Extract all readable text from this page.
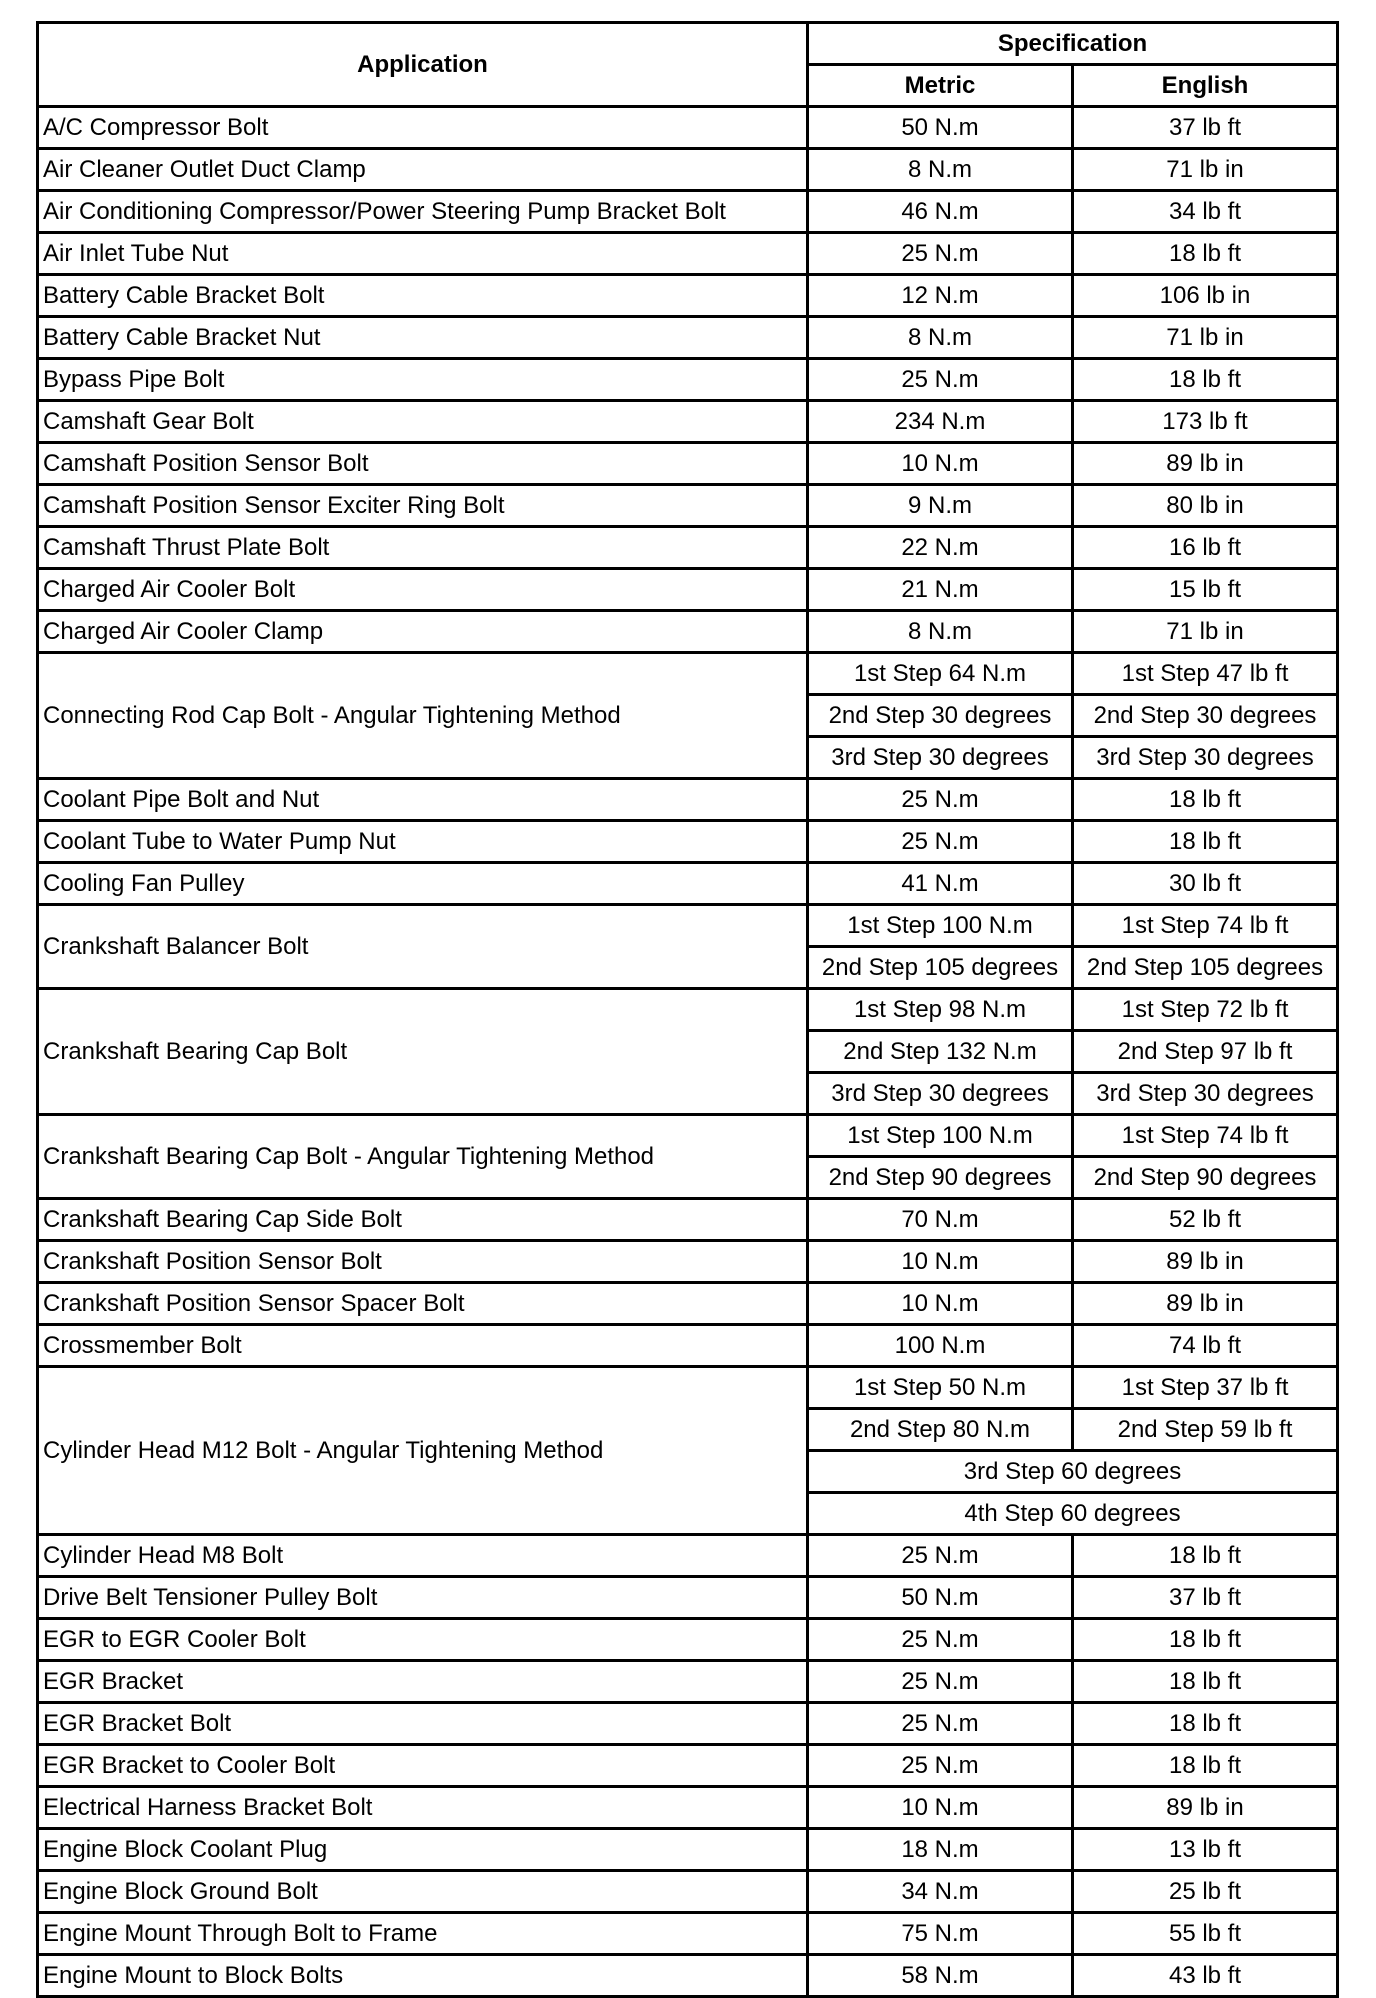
Application	Specification	
	Metric	English
A/C Compressor Bolt	50 N.m	37 lb ft
Air Cleaner Outlet Duct Clamp	8 N.m	71 lb in
Air Conditioning Compressor/Power Steering Pump Bracket Bolt	46 N.m	34 lb ft
Air Inlet Tube Nut	25 N.m	18 lb ft
Battery Cable Bracket Bolt	12 N.m	106 lb in
Battery Cable Bracket Nut	8 N.m	71 lb in
Bypass Pipe Bolt	25 N.m	18 lb ft
Camshaft Gear Bolt	234 N.m	173 lb ft
Camshaft Position Sensor Bolt	10 N.m	89 lb in
Camshaft Position Sensor Exciter Ring Bolt	9 N.m	80 lb in
Camshaft Thrust Plate Bolt	22 N.m	16 lb ft
Charged Air Cooler Bolt	21 N.m	15 lb ft
Charged Air Cooler Clamp	8 N.m	71 lb in
Connecting Rod Cap Bolt - Angular Tightening Method	1st Step 64 N.m	1st Step 47 lb ft
	2nd Step 30 degrees	2nd Step 30 degrees
	3rd Step 30 degrees	3rd Step 30 degrees
Coolant Pipe Bolt and Nut	25 N.m	18 lb ft
Coolant Tube to Water Pump Nut	25 N.m	18 lb ft
Cooling Fan Pulley	41 N.m	30 lb ft
Crankshaft Balancer Bolt	1st Step 100 N.m	1st Step 74 lb ft
	2nd Step 105 degrees	2nd Step 105 degrees
Crankshaft Bearing Cap Bolt	1st Step 98 N.m	1st Step 72 lb ft
	2nd Step 132 N.m	2nd Step 97 lb ft
	3rd Step 30 degrees	3rd Step 30 degrees
Crankshaft Bearing Cap Bolt - Angular Tightening Method	1st Step 100 N.m	1st Step 74 lb ft
	2nd Step 90 degrees	2nd Step 90 degrees
Crankshaft Bearing Cap Side Bolt	70 N.m	52 lb ft
Crankshaft Position Sensor Bolt	10 N.m	89 lb in
Crankshaft Position Sensor Spacer Bolt	10 N.m	89 lb in
Crossmember Bolt	100 N.m	74 lb ft
Cylinder Head M12 Bolt - Angular Tightening Method	1st Step 50 N.m	1st Step 37 lb ft
	2nd Step 80 N.m	2nd Step 59 lb ft
	3rd Step 60 degrees	
	4th Step 60 degrees	
Cylinder Head M8 Bolt	25 N.m	18 lb ft
Drive Belt Tensioner Pulley Bolt	50 N.m	37 lb ft
EGR to EGR Cooler Bolt	25 N.m	18 lb ft
EGR Bracket	25 N.m	18 lb ft
EGR Bracket Bolt	25 N.m	18 lb ft
EGR Bracket to Cooler Bolt	25 N.m	18 lb ft
Electrical Harness Bracket Bolt	10 N.m	89 lb in
Engine Block Coolant Plug	18 N.m	13 lb ft
Engine Block Ground Bolt	34 N.m	25 lb ft
Engine Mount Through Bolt to Frame	75 N.m	55 lb ft
Engine Mount to Block Bolts	58 N.m	43 lb ft
